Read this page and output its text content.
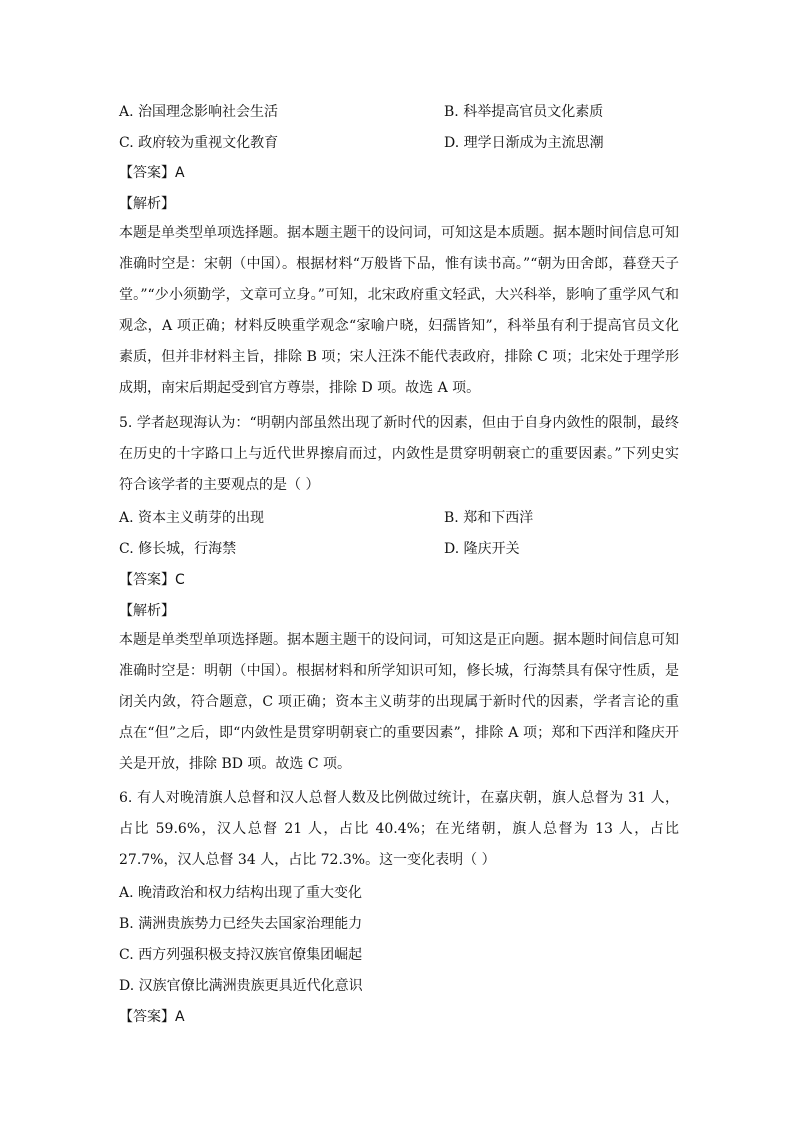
A. 治国理念影响社会生活	B. 科举提高官员文化素质
C. 政府较为重视文化教育	D. 理学日渐成为主流思潮
【答案】A
【解析】
本题是单类型单项选择题。据本题主题干的设问词，可知这是本质题。据本题时间信息可知准确时空是：宋朝（中国）。根据材料“万般皆下品，惟有读书高。”“朝为田舍郎，暮登天子堂。”“少小须勤学，文章可立身。”可知，北宋政府重文轻武，大兴科举，影响了重学风气和观念，A 项正确；材料反映重学观念“家喻户晓，妇孺皆知”，科举虽有利于提高官员文化素质，但并非材料主旨，排除 B 项；宋人汪洙不能代表政府，排除 C 项；北宋处于理学形成期，南宋后期起受到官方尊崇，排除 D 项。故选 A 项。
5. 学者赵现海认为：“明朝内部虽然出现了新时代的因素，但由于自身内敛性的限制，最终在历史的十字路口上与近代世界擦肩而过，内敛性是贯穿明朝衰亡的重要因素。”下列史实符合该学者的主要观点的是（ ）
A. 资本主义萌芽的出现	B. 郑和下西洋
C. 修长城，行海禁	D. 隆庆开关
【答案】C
【解析】
本题是单类型单项选择题。据本题主题干的设问词，可知这是正向题。据本题时间信息可知准确时空是：明朝（中国）。根据材料和所学知识可知，修长城，行海禁具有保守性质，是闭关内敛，符合题意，C 项正确；资本主义萌芽的出现属于新时代的因素，学者言论的重点在“但”之后，即“内敛性是贯穿明朝衰亡的重要因素”，排除 A 项；郑和下西洋和隆庆开关是开放，排除 BD 项。故选 C 项。
6. 有人对晚清旗人总督和汉人总督人数及比例做过统计，在嘉庆朝，旗人总督为 31 人，占比 59.6%，汉人总督 21 人，占比 40.4%；在光绪朝，旗人总督为 13 人，占比 27.7%，汉人总督 34 人，占比 72.3%。这一变化表明（ ）
A. 晚清政治和权力结构出现了重大变化
B. 满洲贵族势力已经失去国家治理能力
C. 西方列强积极支持汉族官僚集团崛起
D. 汉族官僚比满洲贵族更具近代化意识
【答案】A
